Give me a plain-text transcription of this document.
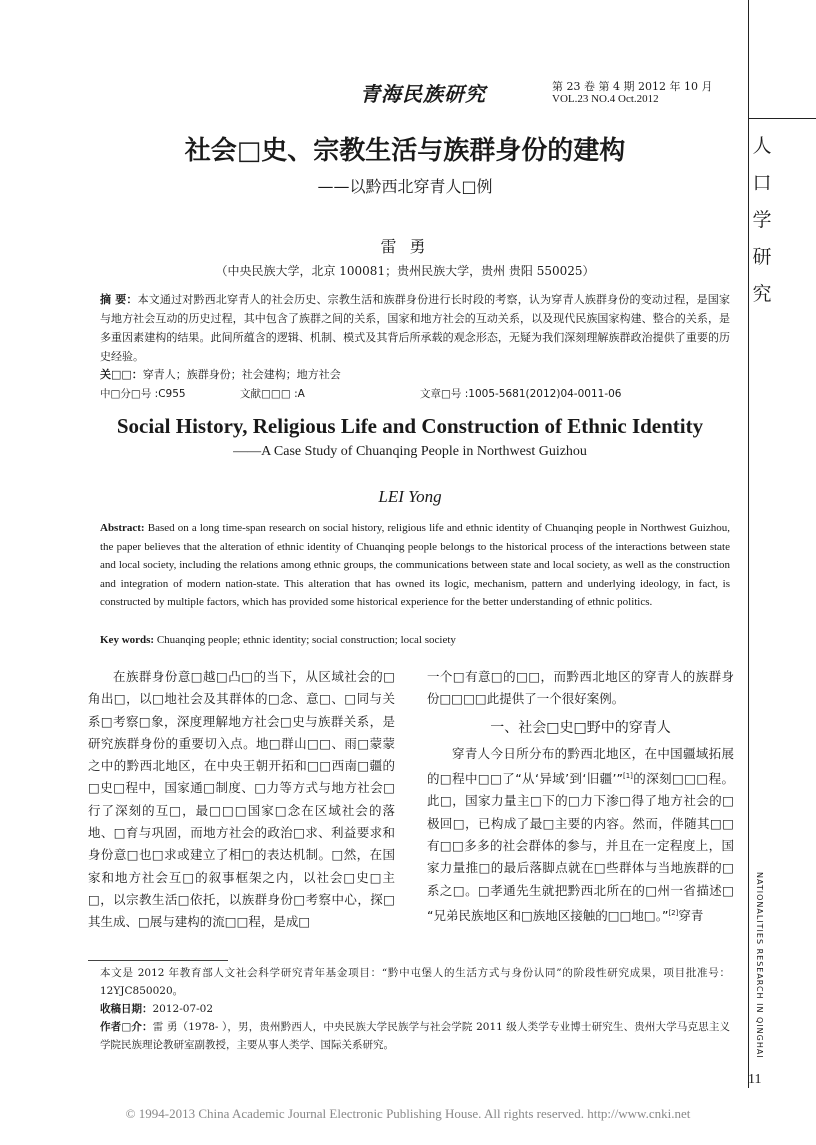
青海民族研究	第 23 卷 第 4 期 2012 年 10 月
VOL.23 NO.4 Oct.2012
人
口
学
研
究
NATIONALITIES RESEARCH IN QINGHAI
社会□史、宗教生活与族群身份的建构
——以黔西北穿青人□例
雷 勇
（中央民族大学，北京 100081；贵州民族大学，贵州 贵阳 550025）
摘 要：本文通过对黔西北穿青人的社会历史、宗教生活和族群身份进行长时段的考察，认为穿青人族群身份的变动过程，是国家与地方社会互动的历史过程，其中包含了族群之间的关系，国家和地方社会的互动关系，以及现代民族国家构建、整合的关系，是多重因素建构的结果。此间所蕴含的逻辑、机制、模式及其背后所承载的观念形态，无疑为我们深刻理解族群政治提供了重要的历史经验。
关□□：穿青人；族群身份；社会建构；地方社会
中□分□号 :C955	文献□□□ :A	文章□号 :1005-5681(2012)04-0011-06
Social History, Religious Life and Construction of Ethnic Identity
——A Case Study of Chuanqing People in Northwest Guizhou
LEI Yong
Abstract: Based on a long time-span research on social history, religious life and ethnic identity of Chuanqing people in Northwest Guizhou, the paper believes that the alteration of ethnic identity of Chuanqing people belongs to the historical process of the interactions between state and local society, including the relations among ethnic groups, the communications between state and local society, as well as the construction and integration of modern nation-state. This alteration that has owned its logic, mechanism, pattern and underlying ideology, in fact, is constructed by multiple factors, which has provided some historical experience for the better understanding of ethnic politics.
Key words: Chuanqing people; ethnic identity; social construction; local society

在族群身份意□越□凸□的当下，从区域社会的□角出□，以□地社会及其群体的□念、意□、□同与关系□考察□象，深度理解地方社会□史与族群关系，是研究族群身份的重要切入点。地□群山□□、雨□蒙蒙之中的黔西北地区，在中央王朝开拓和□□西南□疆的□史□程中，国家通□制度、□力等方式与地方社会□行了深刻的互□，最□□□国家□念在区域社会的落地、□育与巩固，而地方社会的政治□求、利益要求和身份意□也□求或建立了相□的表达机制。□然，在国家和地方社会互□的叙事框架之内，以社会□史□主□，以宗教生活□依托，以族群身份□考察中心，探□其生成、□展与建构的流□□程，是成□

一个□有意□的□□，而黔西北地区的穿青人的族群身份□□□□此提供了一个很好案例。

一、社会□史□野中的穿青人

穿青人今日所分布的黔西北地区，在中国疆域拓展的□程中□□了“从‘异域’到‘旧疆’”[1]的深刻□□□程。此□，国家力量主□下的□力下渗□得了地方社会的□极回□，已构成了最□主要的内容。然而，伴随其□□有□□多多的社会群体的参与，并且在一定程度上，国家力量推□的最后落脚点就在□些群体与当地族群的□系之□。□孝通先生就把黔西北所在的□州一省描述□ “兄弟民族地区和□族地区接触的□□地□。”[2]穿青

本文是 2012 年教育部人文社会科学研究青年基金项目：“黔中屯堡人的生活方式与身份认同”的阶段性研究成果，项目批准号：12YJC850020。

收稿日期：2012-07-02

作者□介：雷 勇（1978- ），男，贵州黔西人，中央民族大学民族学与社会学院 2011 级人类学专业博士研究生、贵州大学马克思主义学院民族理论教研室副教授，主要从事人类学、国际关系研究。

11
© 1994-2013 China Academic Journal Electronic Publishing House. All rights reserved. http://www.cnki.net
